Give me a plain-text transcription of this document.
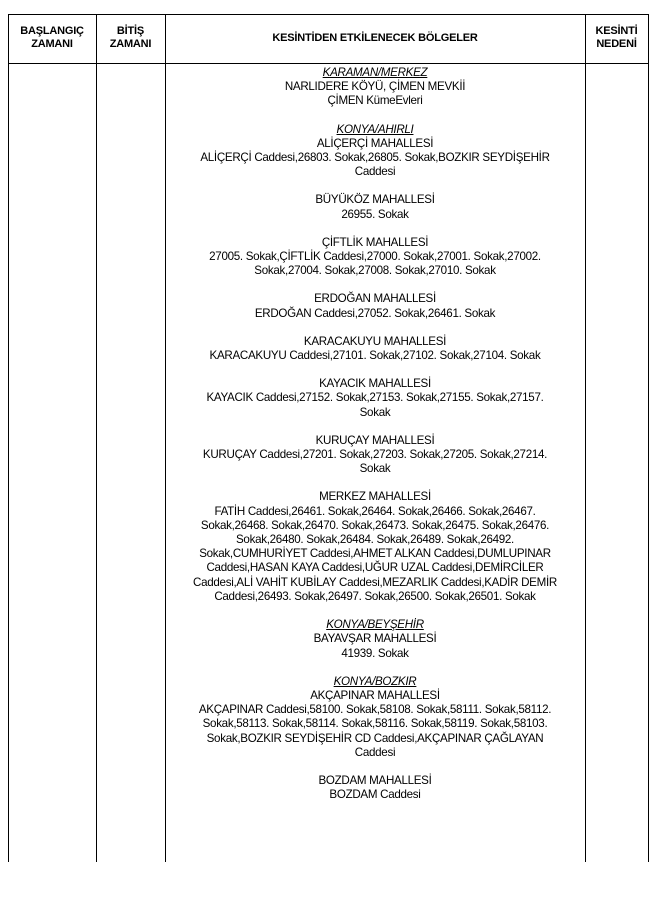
BAŞLANGIÇ
ZAMANI
BİTİŞ
ZAMANI
KESİNTİDEN ETKİLENECEK BÖLGELER
KESİNTİ
NEDENİ
KARAMAN/MERKEZ
NARLIDERE KÖYÜ, ÇİMEN MEVKİİ
ÇİMEN KümeEvleri
KONYA/AHIRLI
ALİÇERÇİ MAHALLESİ
ALİÇERÇİ Caddesi,26803. Sokak,26805. Sokak,BOZKIR SEYDİŞEHİR
Caddesi
BÜYÜKÖZ MAHALLESİ
26955. Sokak
ÇİFTLİK MAHALLESİ
27005. Sokak,ÇİFTLİK Caddesi,27000. Sokak,27001. Sokak,27002.
Sokak,27004. Sokak,27008. Sokak,27010. Sokak
ERDOĞAN MAHALLESİ
ERDOĞAN Caddesi,27052. Sokak,26461. Sokak
KARACAKUYU MAHALLESİ
KARACAKUYU Caddesi,27101. Sokak,27102. Sokak,27104. Sokak
KAYACIK MAHALLESİ
KAYACIK Caddesi,27152. Sokak,27153. Sokak,27155. Sokak,27157.
Sokak
KURUÇAY MAHALLESİ
KURUÇAY Caddesi,27201. Sokak,27203. Sokak,27205. Sokak,27214.
Sokak
MERKEZ MAHALLESİ
FATİH Caddesi,26461. Sokak,26464. Sokak,26466. Sokak,26467.
Sokak,26468. Sokak,26470. Sokak,26473. Sokak,26475. Sokak,26476.
Sokak,26480. Sokak,26484. Sokak,26489. Sokak,26492.
Sokak,CUMHURİYET Caddesi,AHMET ALKAN Caddesi,DUMLUPINAR
Caddesi,HASAN KAYA Caddesi,UĞUR UZAL Caddesi,DEMİRCİLER
Caddesi,ALİ VAHİT KUBİLAY Caddesi,MEZARLIK Caddesi,KADİR DEMİR
Caddesi,26493. Sokak,26497. Sokak,26500. Sokak,26501. Sokak
KONYA/BEYŞEHİR
BAYAVŞAR MAHALLESİ
41939. Sokak
KONYA/BOZKIR
AKÇAPINAR MAHALLESİ
AKÇAPINAR Caddesi,58100. Sokak,58108. Sokak,58111. Sokak,58112.
Sokak,58113. Sokak,58114. Sokak,58116. Sokak,58119. Sokak,58103.
Sokak,BOZKIR SEYDİŞEHİR CD Caddesi,AKÇAPINAR ÇAĞLAYAN
Caddesi
BOZDAM MAHALLESİ
BOZDAM Caddesi
